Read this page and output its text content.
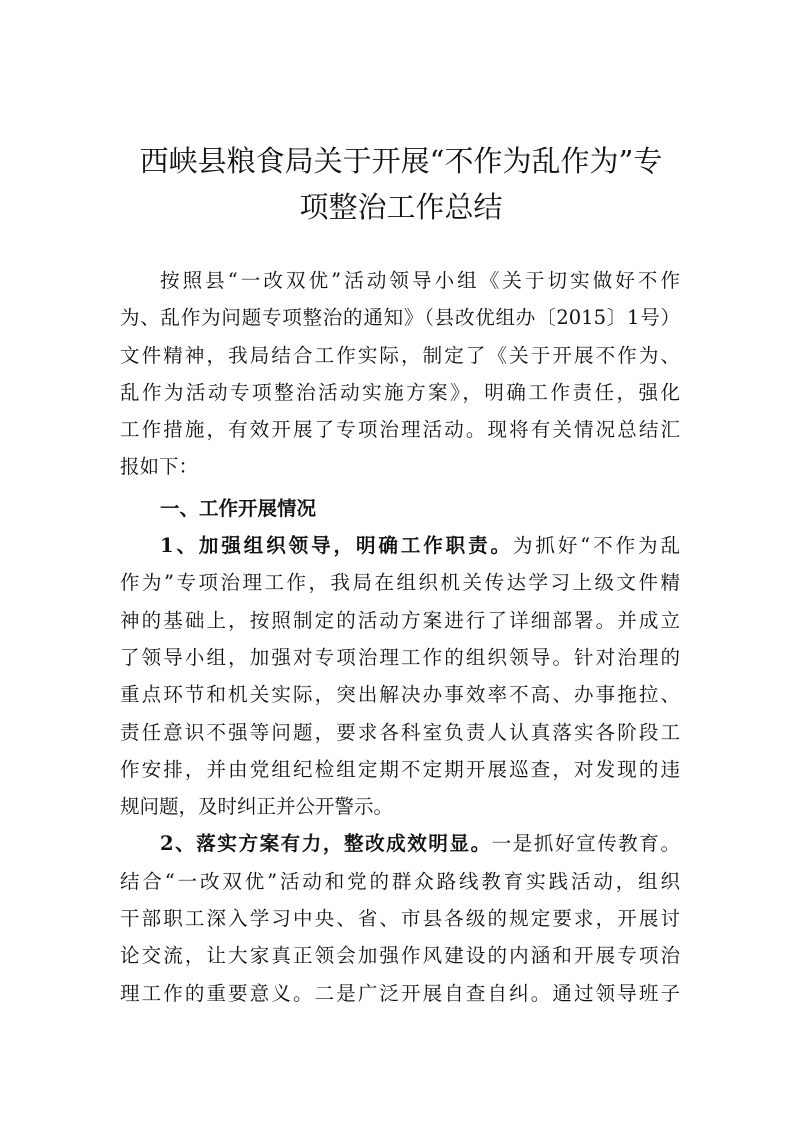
西峡县粮食局关于开展“不作为乱作为”专
项整治工作总结
按照县“一改双优”活动领导小组《关于切实做好不作
为、乱作为问题专项整治的通知》（县改优组办〔2015〕1号）
文件精神，我局结合工作实际，制定了《关于开展不作为、
乱作为活动专项整治活动实施方案》，明确工作责任，强化
工作措施，有效开展了专项治理活动。现将有关情况总结汇
报如下：
一、工作开展情况
1、加强组织领导，明确工作职责。为抓好“不作为乱
作为”专项治理工作，我局在组织机关传达学习上级文件精
神的基础上，按照制定的活动方案进行了详细部署。并成立
了领导小组，加强对专项治理工作的组织领导。针对治理的
重点环节和机关实际，突出解决办事效率不高、办事拖拉、
责任意识不强等问题，要求各科室负责人认真落实各阶段工
作安排，并由党组纪检组定期不定期开展巡查，对发现的违
规问题，及时纠正并公开警示。
2、落实方案有力，整改成效明显。一是抓好宣传教育。
结合“一改双优”活动和党的群众路线教育实践活动，组织
干部职工深入学习中央、省、市县各级的规定要求，开展讨
论交流，让大家真正领会加强作风建设的内涵和开展专项治
理工作的重要意义。二是广泛开展自查自纠。通过领导班子
